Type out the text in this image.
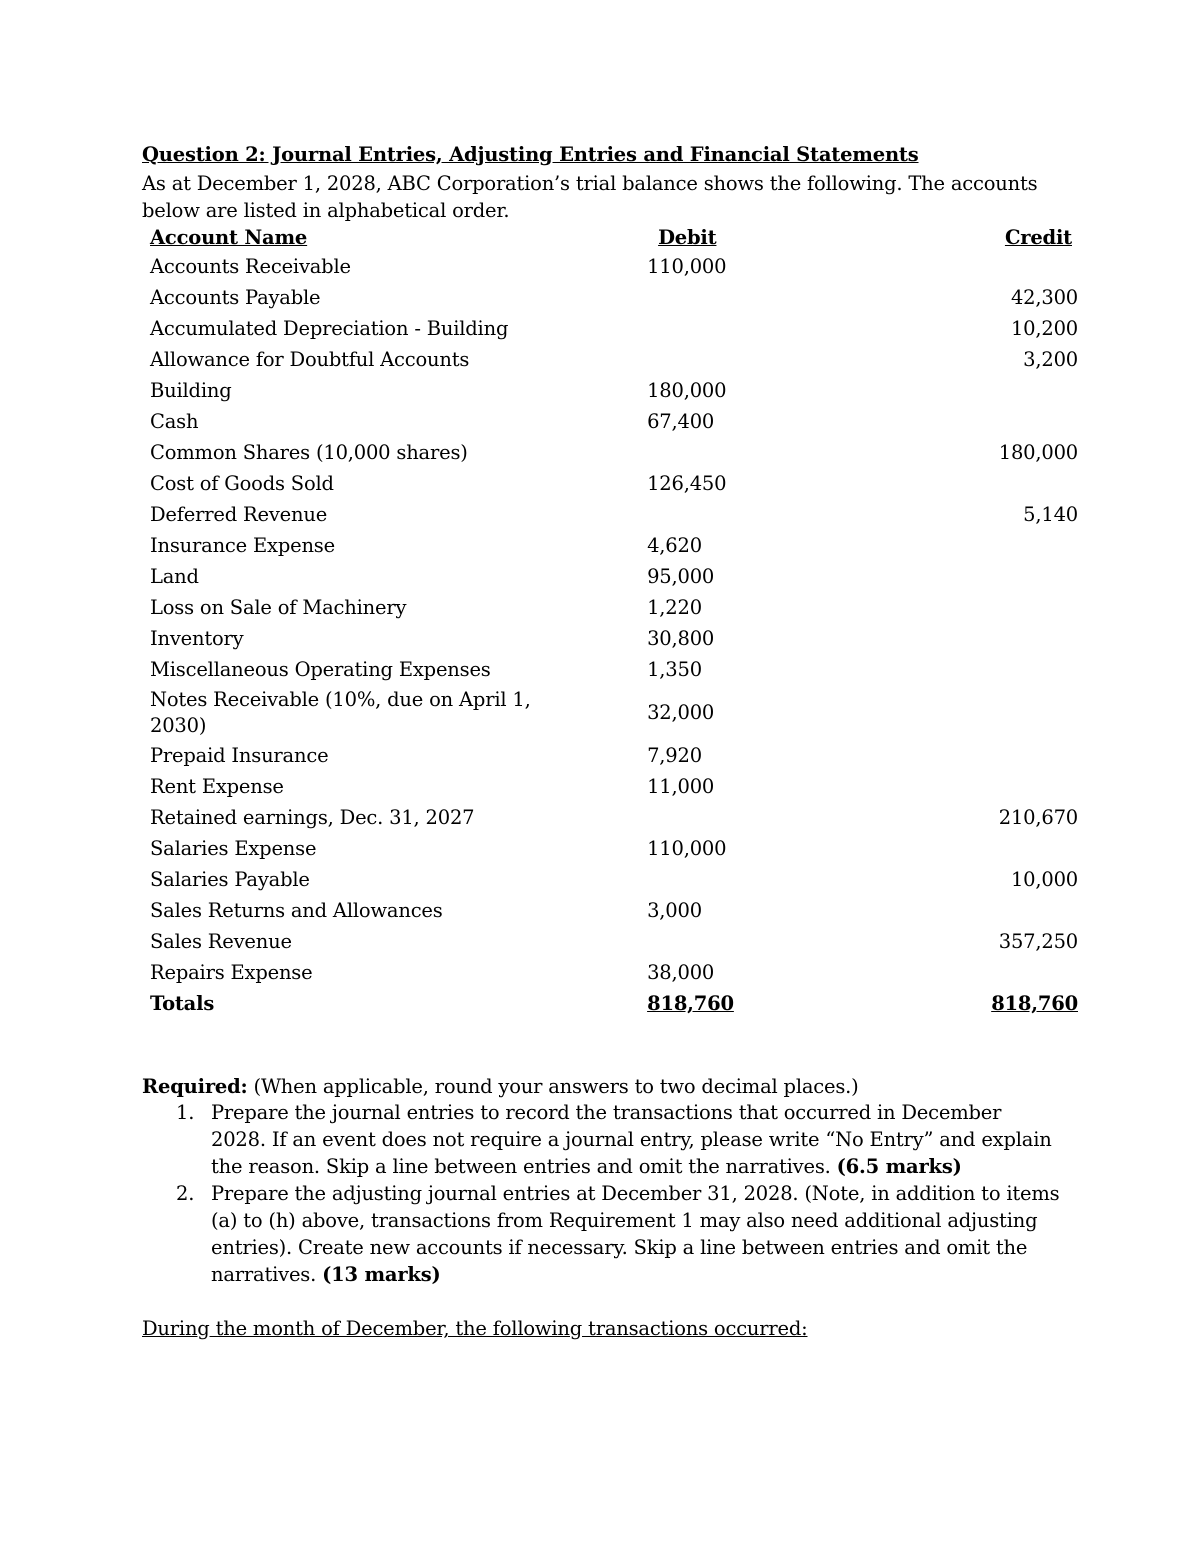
Question 2: Journal Entries, Adjusting Entries and Financial Statements
As at December 1, 2028, ABC Corporation’s trial balance shows the following. The accounts below are listed in alphabetical order.
Account Name	Debit	Credit
Accounts Receivable	110,000	
Accounts Payable		42,300
Accumulated Depreciation - Building		10,200
Allowance for Doubtful Accounts		3,200
Building	180,000	
Cash	67,400	
Common Shares (10,000 shares)		180,000
Cost of Goods Sold	126,450	
Deferred Revenue		5,140
Insurance Expense	4,620	
Land	95,000	
Loss on Sale of Machinery	1,220	
Inventory	30,800	
Miscellaneous Operating Expenses	1,350	
Notes Receivable (10%, due on April 1, 2030)	32,000	
Prepaid Insurance	7,920	
Rent Expense	11,000	
Retained earnings, Dec. 31, 2027		210,670
Salaries Expense	110,000	
Salaries Payable		10,000
Sales Returns and Allowances	3,000	
Sales Revenue		357,250
Repairs Expense	38,000	
Totals	818,760	818,760
Required: (When applicable, round your answers to two decimal places.)
1. Prepare the journal entries to record the transactions that occurred in December 2028. If an event does not require a journal entry, please write “No Entry” and explain the reason. Skip a line between entries and omit the narratives. (6.5 marks)
2. Prepare the adjusting journal entries at December 31, 2028. (Note, in addition to items (a) to (h) above, transactions from Requirement 1 may also need additional adjusting entries). Create new accounts if necessary. Skip a line between entries and omit the narratives. (13 marks)
During the month of December, the following transactions occurred:
